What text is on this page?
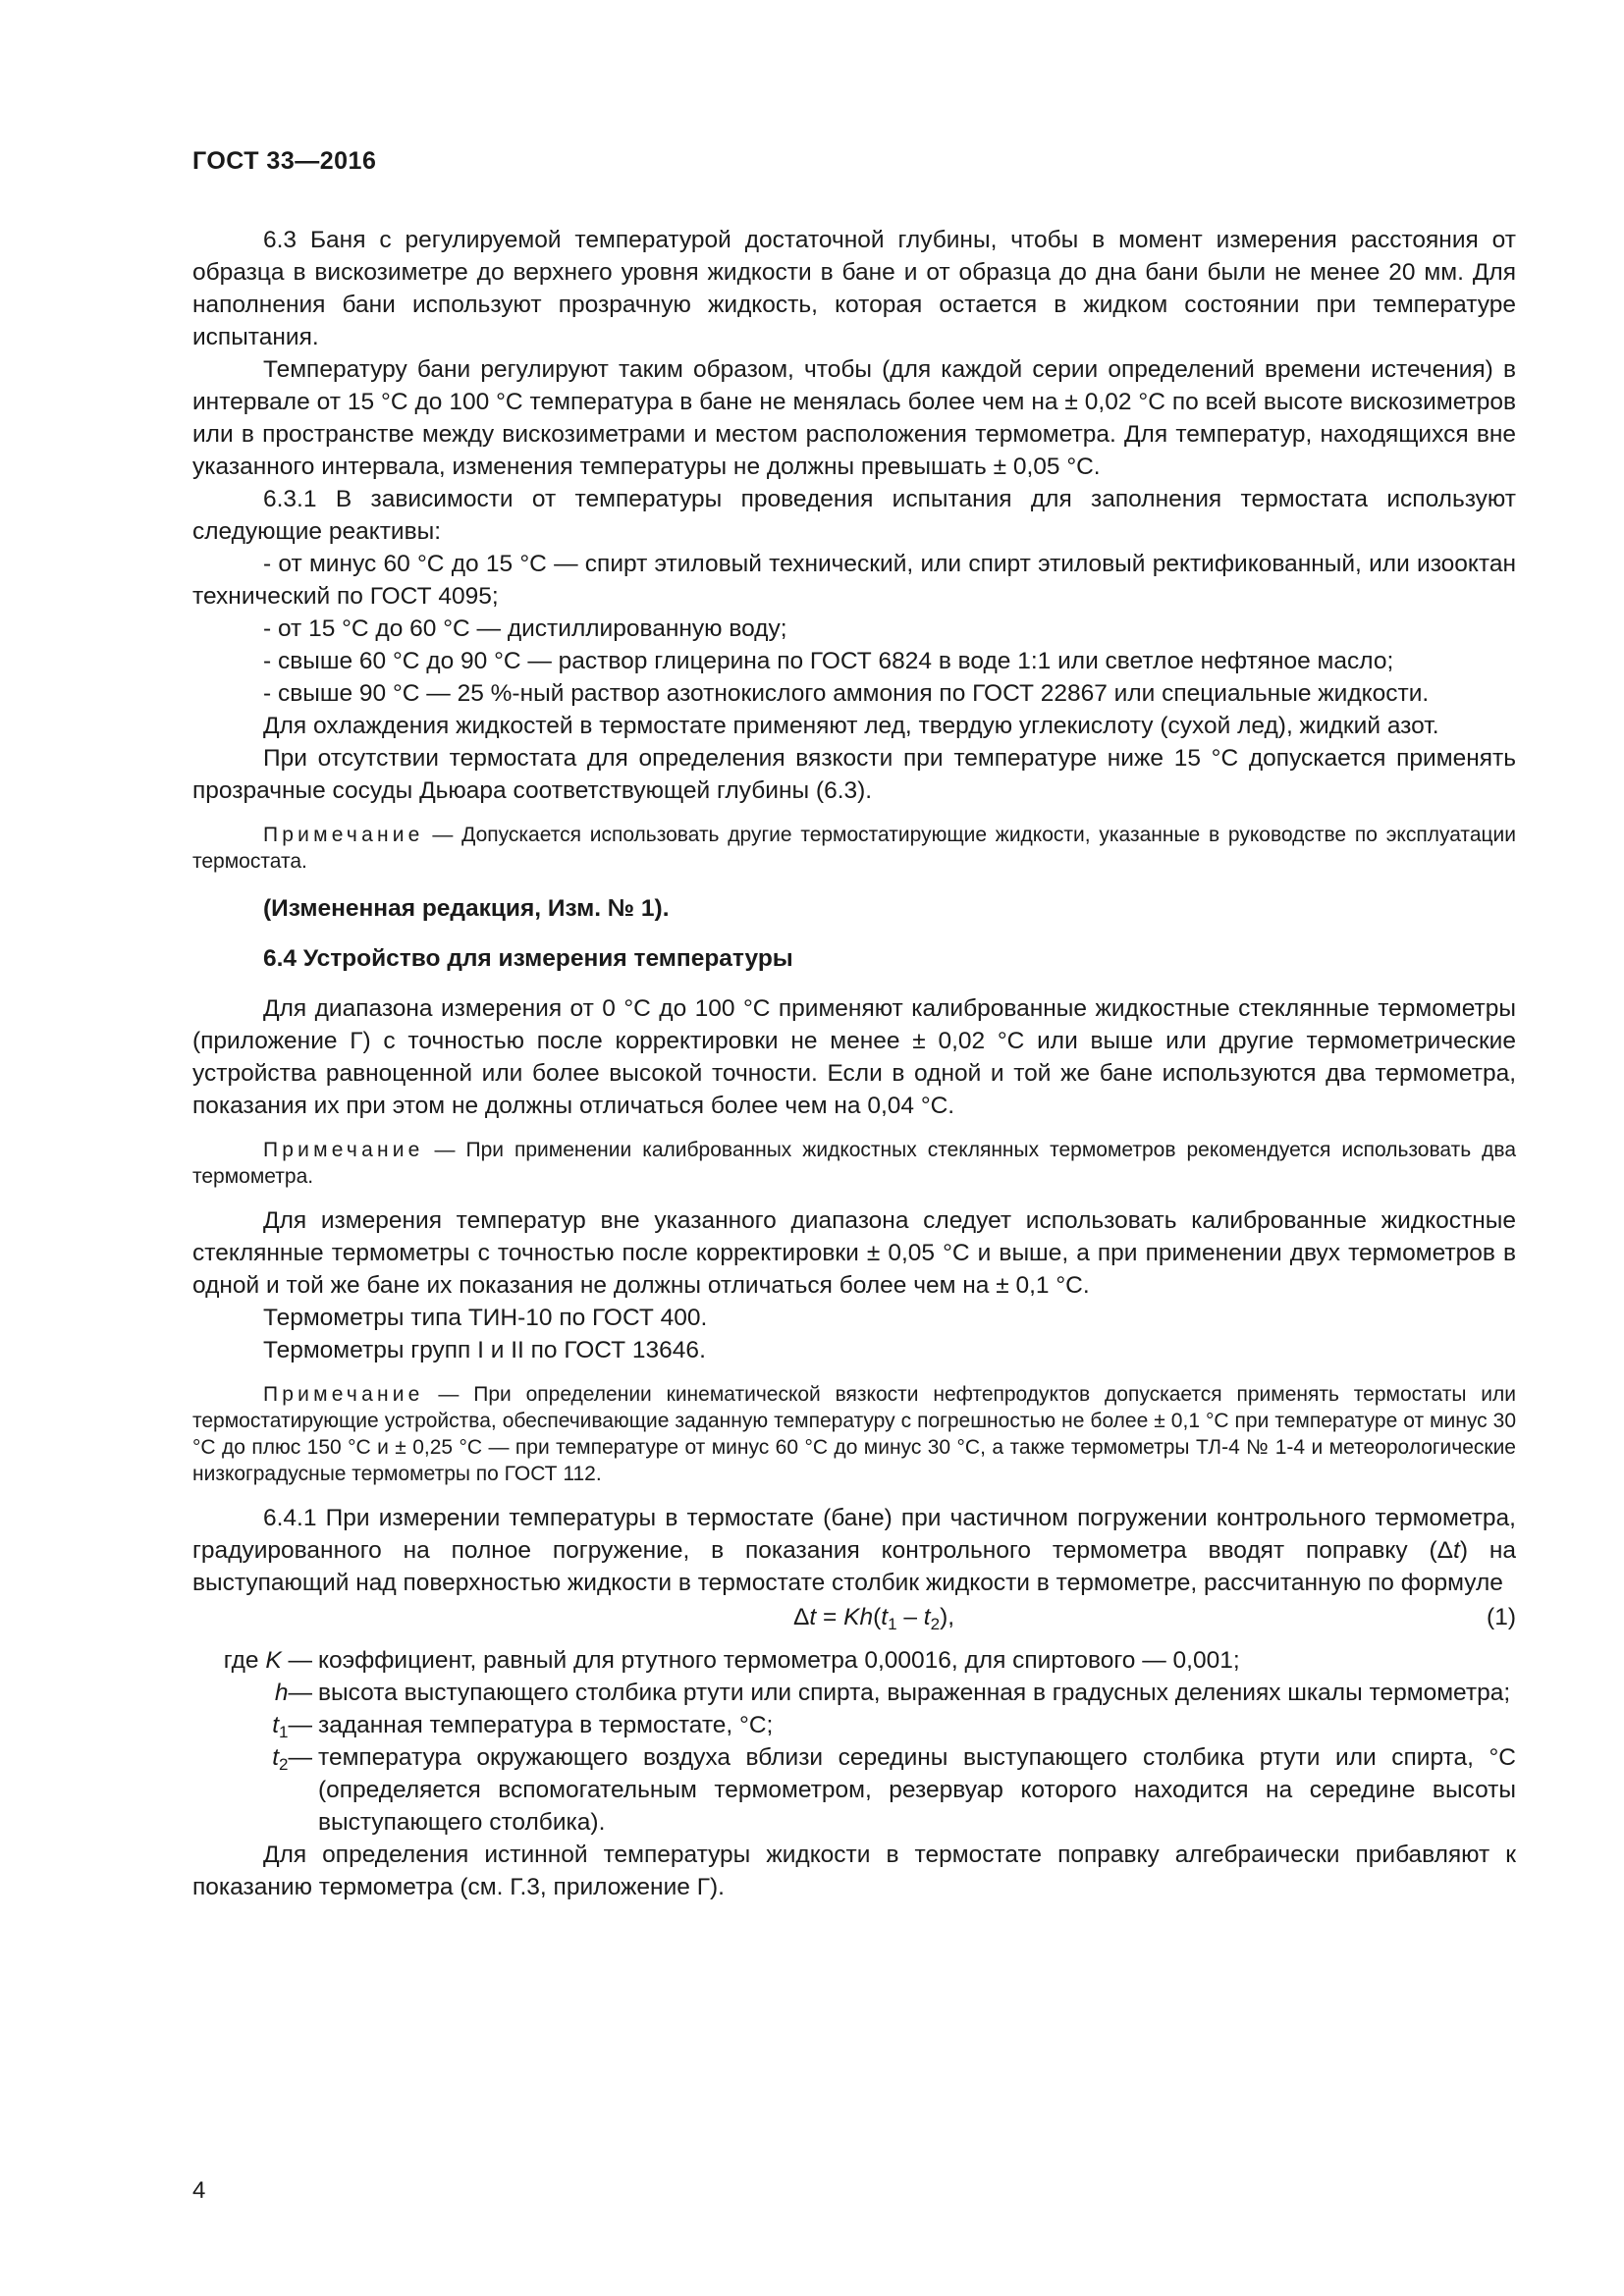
ГОСТ 33—2016

6.3 Баня с регулируемой температурой достаточной глубины, чтобы в момент измерения расстояния от образца в вискозиметре до верхнего уровня жидкости в бане и от образца до дна бани были не менее 20 мм. Для наполнения бани используют прозрачную жидкость, которая остается в жидком состоянии при температуре испытания.

Температуру бани регулируют таким образом, чтобы (для каждой серии определений времени истечения) в интервале от 15 °С до 100 °С температура в бане не менялась более чем на ± 0,02 °С по всей высоте вискозиметров или в пространстве между вискозиметрами и местом расположения термометра. Для температур, находящихся вне указанного интервала, изменения температуры не должны превышать ± 0,05 °С.

6.3.1 В зависимости от температуры проведения испытания для заполнения термостата используют следующие реактивы:

- от минус 60 °С до 15 °С — спирт этиловый технический, или спирт этиловый ректификованный, или изооктан технический по ГОСТ 4095;

- от 15 °С до 60 °С — дистиллированную воду;

- свыше 60 °С до 90 °С — раствор глицерина по ГОСТ 6824 в воде 1:1 или светлое нефтяное масло;

- свыше 90 °С — 25 %-ный раствор азотнокислого аммония по ГОСТ 22867 или специальные жидкости.

Для охлаждения жидкостей в термостате применяют лед, твердую углекислоту (сухой лед), жидкий азот.

При отсутствии термостата для определения вязкости при температуре ниже 15 °С допускается применять прозрачные сосуды Дьюара соответствующей глубины (6.3).

Примечание — Допускается использовать другие термостатирующие жидкости, указанные в руководстве по эксплуатации термостата.

(Измененная редакция, Изм. № 1).

6.4 Устройство для измерения температуры

Для диапазона измерения от 0 °С до 100 °С применяют калиброванные жидкостные стеклянные термометры (приложение Г) с точностью после корректировки не менее ± 0,02 °С или выше или другие термометрические устройства равноценной или более высокой точности. Если в одной и той же бане используются два термометра, показания их при этом не должны отличаться более чем на 0,04 °С.

Примечание — При применении калиброванных жидкостных стеклянных термометров рекомендуется использовать два термометра.

Для измерения температур вне указанного диапазона следует использовать калиброванные жидкостные стеклянные термометры с точностью после корректировки ± 0,05 °С и выше, а при применении двух термометров в одной и той же бане их показания не должны отличаться более чем на ± 0,1 °С.

Термометры типа ТИН-10 по ГОСТ 400.

Термометры групп I и II по ГОСТ 13646.

Примечание — При определении кинематической вязкости нефтепродуктов допускается применять термостаты или термостатирующие устройства, обеспечивающие заданную температуру с погрешностью не более ± 0,1 °С при температуре от минус 30 °С до плюс 150 °С и ± 0,25 °С — при температуре от минус 60 °С до минус 30 °С, а также термометры ТЛ-4 № 1-4 и метеорологические низкоградусные термометры по ГОСТ 112.

6.4.1 При измерении температуры в термостате (бане) при частичном погружении контрольного термометра, градуированного на полное погружение, в показания контрольного термометра вводят поправку (Δt) на выступающий над поверхностью жидкости в термостате столбик жидкости в термометре, рассчитанную по формуле

$\Delta t = Kh(t_1 - t_2)$,	(1)

где K — коэффициент, равный для ртутного термометра 0,00016, для спиртового — 0,001;

h— высота выступающего столбика ртути или спирта, выраженная в градусных делениях шкалы термометра;

$t_1—$ заданная температура в термостате, °С;

$t_2—$ температура окружающего воздуха вблизи середины выступающего столбика ртути или спирта, °С (определяется вспомогательным термометром, резервуар которого находится на середине высоты выступающего столбика).

Для определения истинной температуры жидкости в термостате поправку алгебраически прибавляют к показанию термометра (см. Г.3, приложение Г).

4
